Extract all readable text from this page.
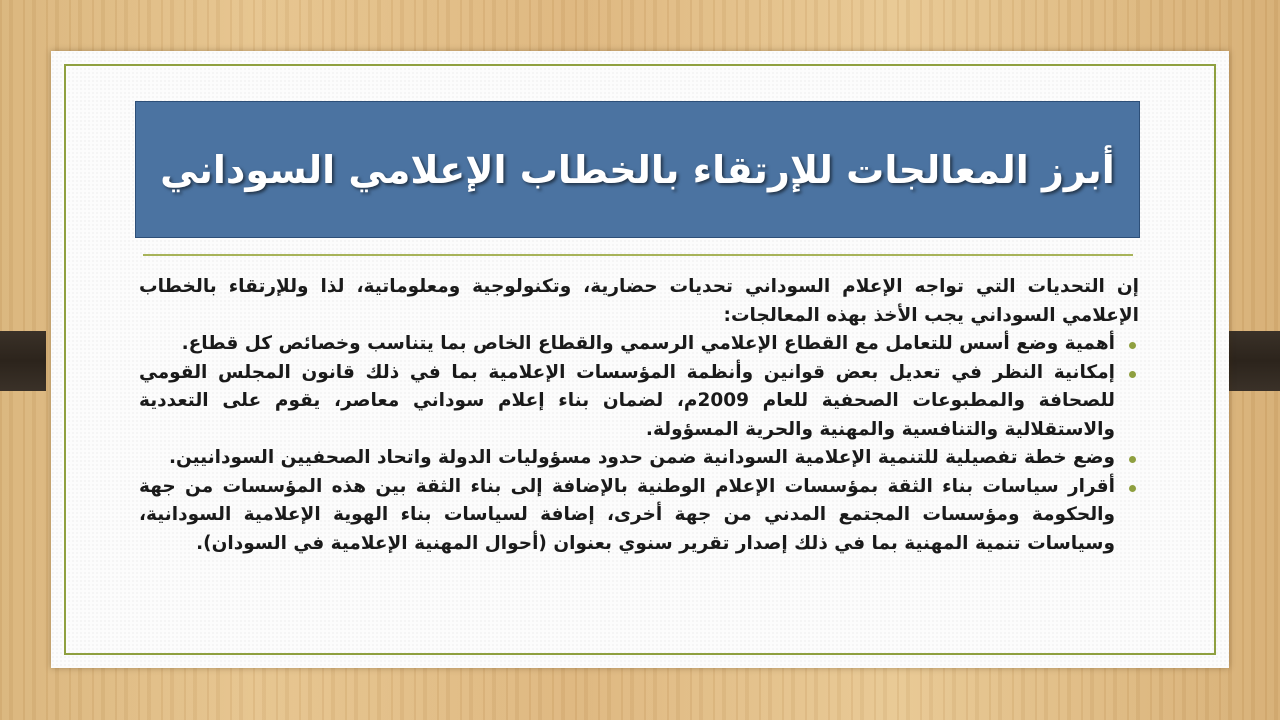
أبرز المعالجات للإرتقاء بالخطاب الإعلامي السوداني

إن التحديات التي تواجه الإعلام السوداني تحديات حضارية، وتكنولوجية ومعلوماتية، لذا وللإرتقاء بالخطاب الإعلامي السوداني يجب الأخذ بهذه المعالجات:

أهمية وضع أسس للتعامل مع القطاع الإعلامي الرسمي والقطاع الخاص بما يتناسب وخصائص كل قطاع.
إمكانية النظر في تعديل بعض قوانين وأنظمة المؤسسات الإعلامية بما في ذلك قانون المجلس القومي للصحافة والمطبوعات الصحفية للعام 2009م، لضمان بناء إعلام سوداني معاصر، يقوم على التعددية والاستقلالية والتنافسية والمهنية والحرية المسؤولة.
وضع خطة تفصيلية للتنمية الإعلامية السودانية ضمن حدود مسؤوليات الدولة واتحاد الصحفيين السودانيين.
أقرار سياسات بناء الثقة بمؤسسات الإعلام الوطنية بالإضافة إلى بناء الثقة بين هذه المؤسسات من جهة والحكومة ومؤسسات المجتمع المدني من جهة أخرى، إضافة لسياسات بناء الهوية الإعلامية السودانية، وسياسات تنمية المهنية بما في ذلك إصدار تقرير سنوي بعنوان (أحوال المهنية الإعلامية في السودان).
